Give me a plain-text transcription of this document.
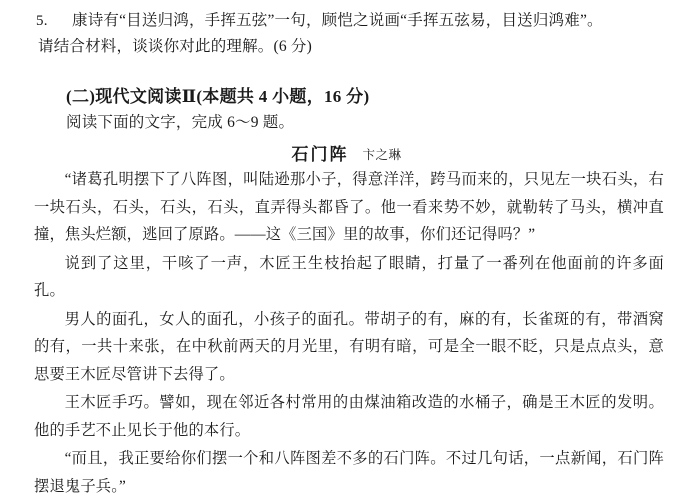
5.	康诗有“目送归鸿，手挥五弦”一句，顾恺之说画“手挥五弦易，目送归鸿难”。
请结合材料，谈谈你对此的理解。(6 分)
(二)现代文阅读Ⅱ(本题共 4 小题，16 分)
阅读下面的文字，完成 6～9 题。
石门阵 卞之琳

“诸葛孔明摆下了八阵图，叫陆逊那小子，得意洋洋，跨马而来的，只见左一块石头，右一块石头，石头，石头，石头，直弄得头都昏了。他一看来势不妙，就勒转了马头，横冲直撞，焦头烂额，逃回了原路。——这《三国》里的故事，你们还记得吗？”

说到了这里，干咳了一声，木匠王生枝抬起了眼睛，打量了一番列在他面前的许多面孔。

男人的面孔，女人的面孔，小孩子的面孔。带胡子的有，麻的有，长雀斑的有，带酒窝的有，一共十来张，在中秋前两天的月光里，有明有暗，可是全一眼不眨，只是点点头，意思要王木匠尽管讲下去得了。

王木匠手巧。譬如，现在邻近各村常用的由煤油箱改造的水桶子，确是王木匠的发明。他的手艺不止见长于他的本行。

“而且，我正要给你们摆一个和八阵图差不多的石门阵。不过几句话，一点新闻，石门阵摆退鬼子兵。”
